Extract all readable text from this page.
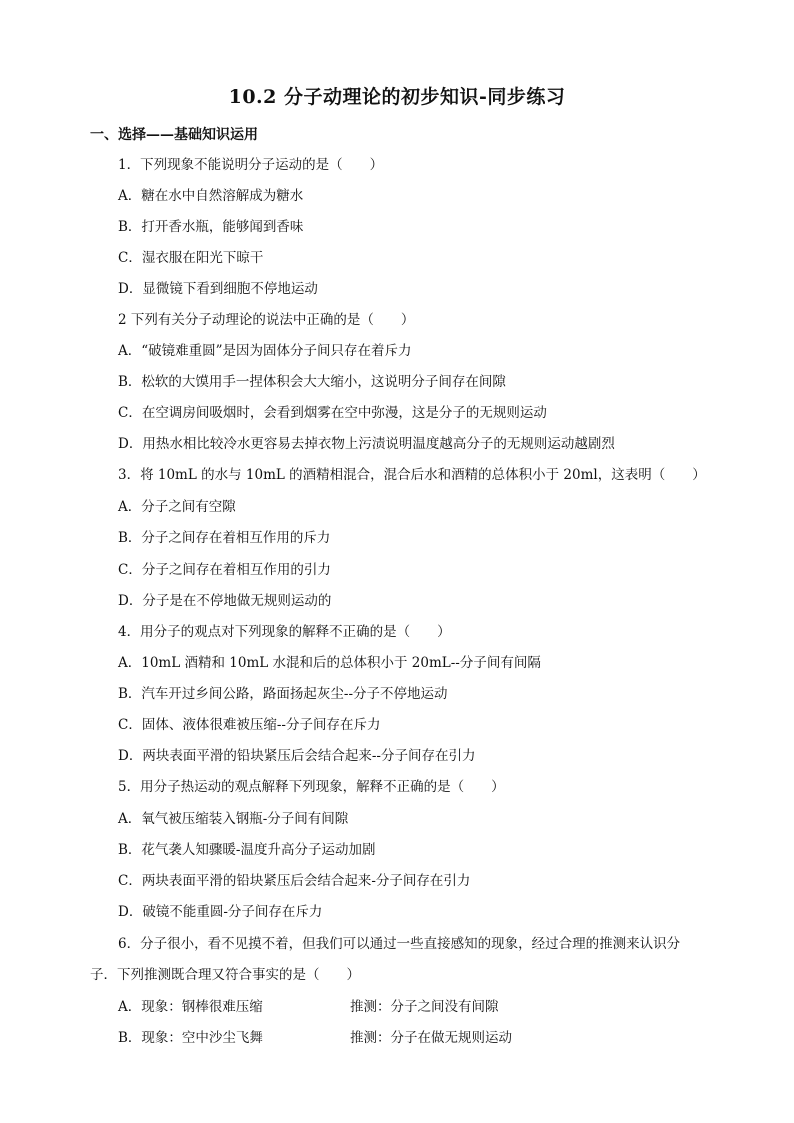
10.2 分子动理论的初步知识-同步练习
一、选择——基础知识运用
1．下列现象不能说明分子运动的是（　　）
A．糖在水中自然溶解成为糖水
B．打开香水瓶，能够闻到香味
C．湿衣服在阳光下晾干
D．显微镜下看到细胞不停地运动
2 下列有关分子动理论的说法中正确的是（　　）
A．“破镜难重圆”是因为固体分子间只存在着斥力
B．松软的大馍用手一捏体积会大大缩小，这说明分子间存在间隙
C．在空调房间吸烟时，会看到烟雾在空中弥漫，这是分子的无规则运动
D．用热水相比较冷水更容易去掉衣物上污渍说明温度越高分子的无规则运动越剧烈
3．将 10mL 的水与 10mL 的酒精相混合，混合后水和酒精的总体积小于 20ml，这表明（　　）
A．分子之间有空隙
B．分子之间存在着相互作用的斥力
C．分子之间存在着相互作用的引力
D．分子是在不停地做无规则运动的
4．用分子的观点对下列现象的解释不正确的是（　　）
A．10mL 酒精和 10mL 水混和后的总体积小于 20mL--分子间有间隔
B．汽车开过乡间公路，路面扬起灰尘--分子不停地运动
C．固体、液体很难被压缩--分子间存在斥力
D．两块表面平滑的铅块紧压后会结合起来--分子间存在引力
5．用分子热运动的观点解释下列现象，解释不正确的是（　　）
A．氧气被压缩装入钢瓶-分子间有间隙
B．花气袭人知骤暖-温度升高分子运动加剧
C．两块表面平滑的铅块紧压后会结合起来-分子间存在引力
D．破镜不能重圆-分子间存在斥力
6．分子很小，看不见摸不着，但我们可以通过一些直接感知的现象，经过合理的推测来认识分
子．下列推测既合理又符合事实的是（　　）
A．现象：钢棒很难压缩	推测：分子之间没有间隙
B．现象：空中沙尘飞舞	推测：分子在做无规则运动
